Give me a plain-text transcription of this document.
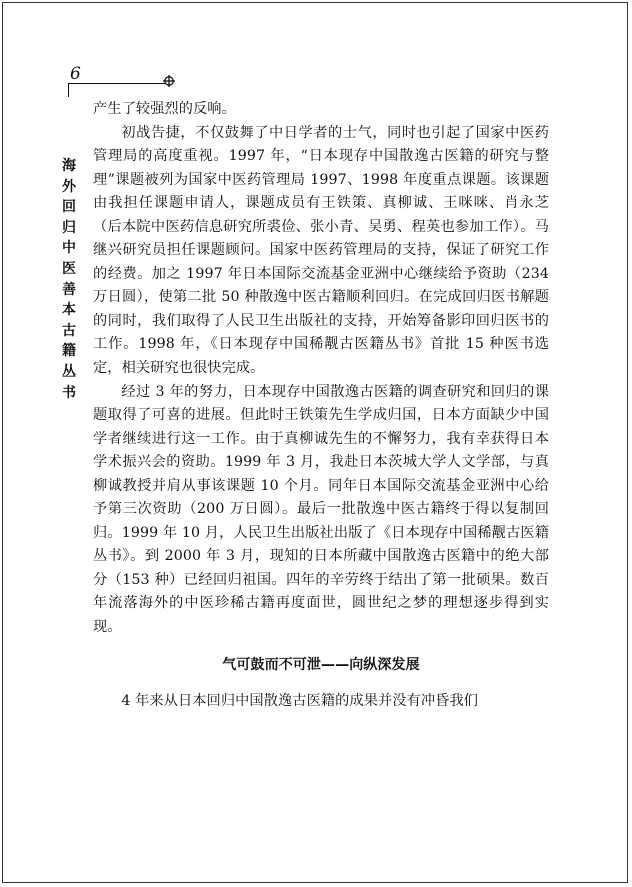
6
海外回归中医善本古籍丛书

产生了较强烈的反响。

初战告捷，不仅鼓舞了中日学者的士气，同时也引起了国家中医药管理局的高度重视。1997 年，“日本现存中国散逸古医籍的研究与整理”课题被列为国家中医药管理局 1997、1998 年度重点课题。该课题由我担任课题申请人，课题成员有王铁策、真柳诚、王咪咪、肖永芝（后本院中医药信息研究所裘俭、张小青、吴勇、程英也参加工作）。马继兴研究员担任课题顾问。国家中医药管理局的支持，保证了研究工作的经费。加之 1997 年日本国际交流基金亚洲中心继续给予资助（234 万日圆），使第二批 50 种散逸中医古籍顺利回归。在完成回归医书解题的同时，我们取得了人民卫生出版社的支持，开始筹备影印回归医书的工作。1998 年，《日本现存中国稀觏古医籍丛书》首批 15 种医书选定，相关研究也很快完成。

经过 3 年的努力，日本现存中国散逸古医籍的调查研究和回归的课题取得了可喜的进展。但此时王铁策先生学成归国，日本方面缺少中国学者继续进行这一工作。由于真柳诚先生的不懈努力，我有幸获得日本学术振兴会的资助。1999 年 3 月，我赴日本茨城大学人文学部，与真柳诚教授并肩从事该课题 10 个月。同年日本国际交流基金亚洲中心给予第三次资助（200 万日圆）。最后一批散逸中医古籍终于得以复制回归。1999 年 10 月，人民卫生出版社出版了《日本现存中国稀觏古医籍丛书》。到 2000 年 3 月，现知的日本所藏中国散逸古医籍中的绝大部分（153 种）已经回归祖国。四年的辛劳终于结出了第一批硕果。数百年流落海外的中医珍稀古籍再度面世，圆世纪之梦的理想逐步得到实现。

气可鼓而不可泄——向纵深发展

4 年来从日本回归中国散逸古医籍的成果并没有冲昏我们
